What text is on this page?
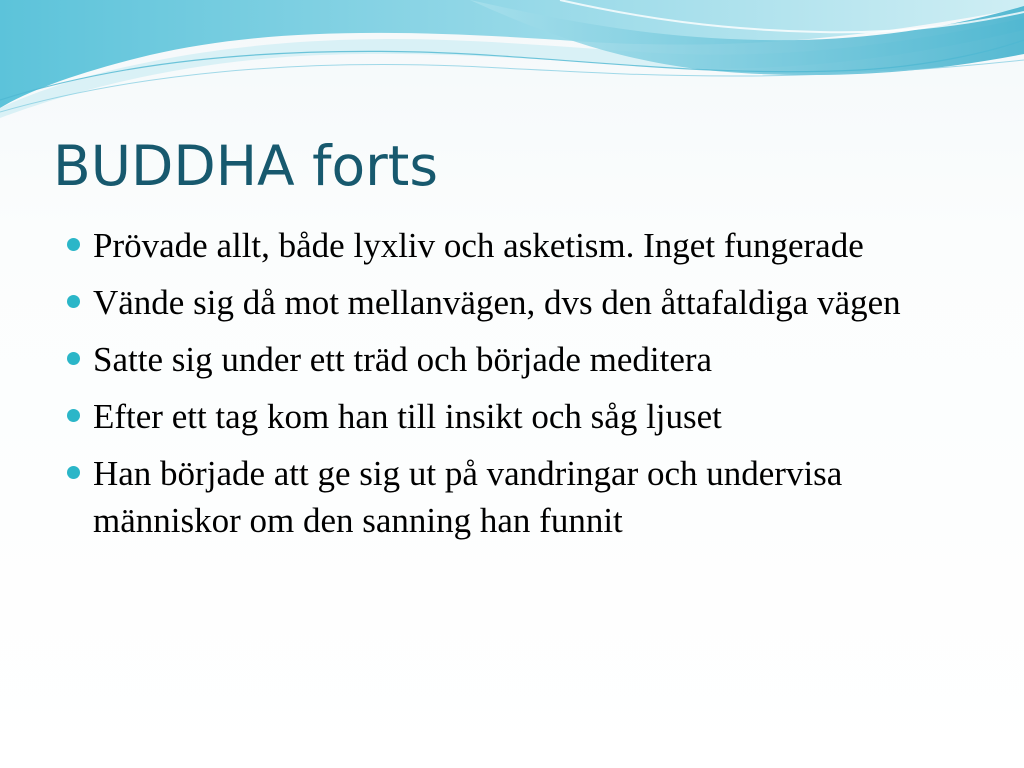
BUDDHA forts
Prövade allt, både lyxliv och asketism. Inget fungerade
Vände sig då mot mellanvägen, dvs den åttafaldiga vägen
Satte sig under ett träd och började meditera
Efter ett tag kom han till insikt och såg ljuset
Han började att ge sig ut på vandringar och undervisa människor om den sanning han funnit
